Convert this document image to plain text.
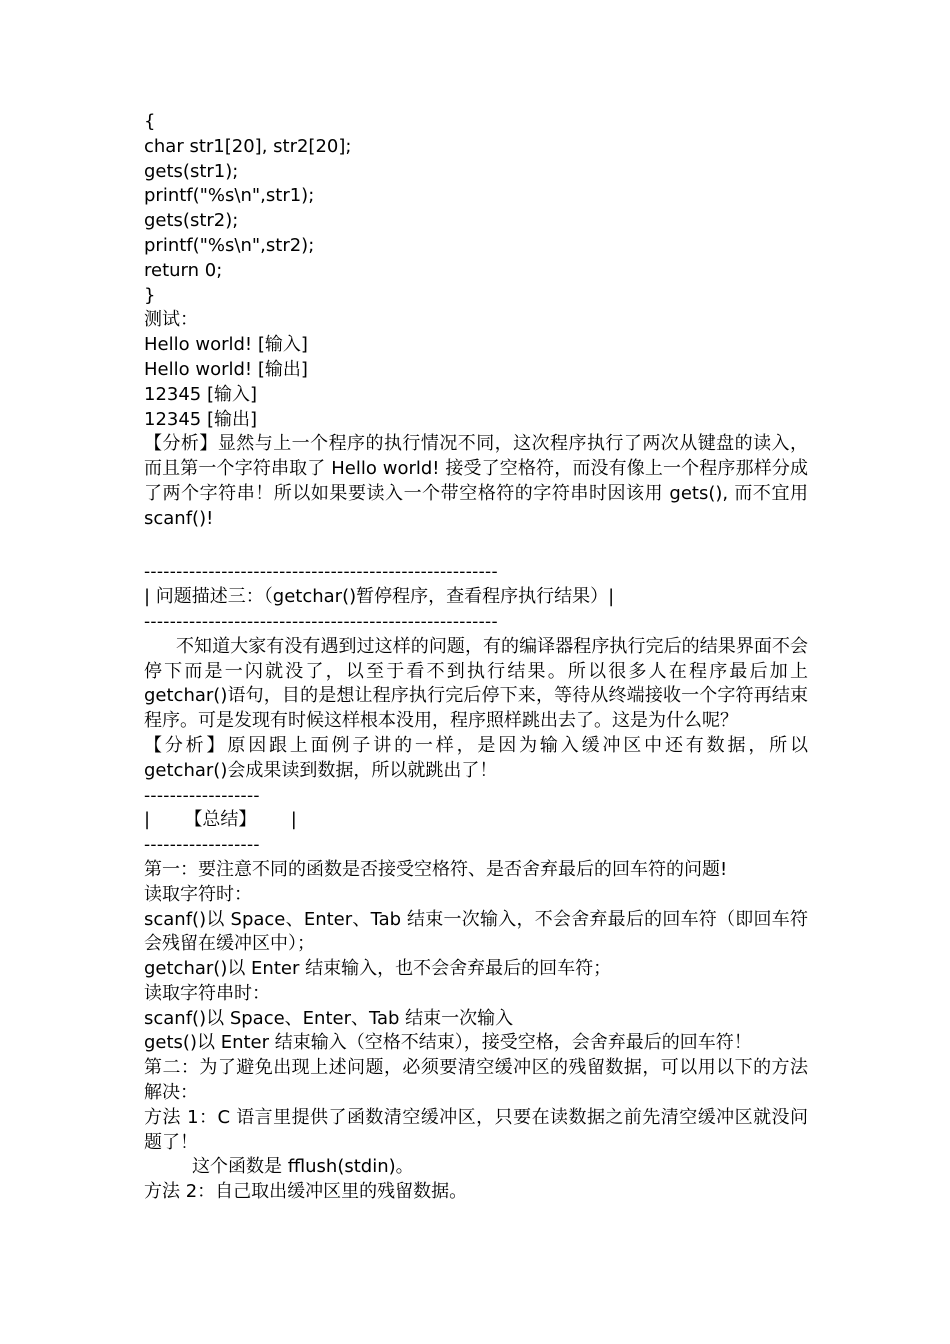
{

char str1[20], str2[20];

gets(str1);

printf("%s\n",str1);

gets(str2);

printf("%s\n",str2);

return 0;

}

测试：

Hello world! [输入]

Hello world! [输出]

12345 [输入]

12345 [输出]

【分析】显然与上一个程序的执行情况不同，这次程序执行了两次从键盘的读入，而且第一个字符串取了 Hello world! 接受了空格符，而没有像上一个程序那样分成了两个字符串！所以如果要读入一个带空格符的字符串时因该用 gets(), 而不宜用 scanf()!

-------------------------------------------------------

| 问题描述三：（getchar()暂停程序，查看程序执行结果）|

-------------------------------------------------------

不知道大家有没有遇到过这样的问题，有的编译器程序执行完后的结果界面不会停下而是一闪就没了，以至于看不到执行结果。所以很多人在程序最后加上 getchar()语句，目的是想让程序执行完后停下来，等待从终端接收一个字符再结束程序。可是发现有时候这样根本没用，程序照样跳出去了。这是为什么呢？

【分析】原因跟上面例子讲的一样，是因为输入缓冲区中还有数据，所以 getchar()会成果读到数据，所以就跳出了！

------------------

|      【总结】      |

------------------

第一：要注意不同的函数是否接受空格符、是否舍弃最后的回车符的问题!

读取字符时：

scanf()以 Space、Enter、Tab 结束一次输入，不会舍弃最后的回车符（即回车符会残留在缓冲区中）；

getchar()以 Enter 结束输入，也不会舍弃最后的回车符；

读取字符串时：

scanf()以 Space、Enter、Tab 结束一次输入

gets()以 Enter 结束输入（空格不结束），接受空格，会舍弃最后的回车符！

第二：为了避免出现上述问题，必须要清空缓冲区的残留数据，可以用以下的方法解决：

方法 1：C 语言里提供了函数清空缓冲区，只要在读数据之前先清空缓冲区就没问题了！

这个函数是 fflush(stdin)。

方法 2：自己取出缓冲区里的残留数据。
